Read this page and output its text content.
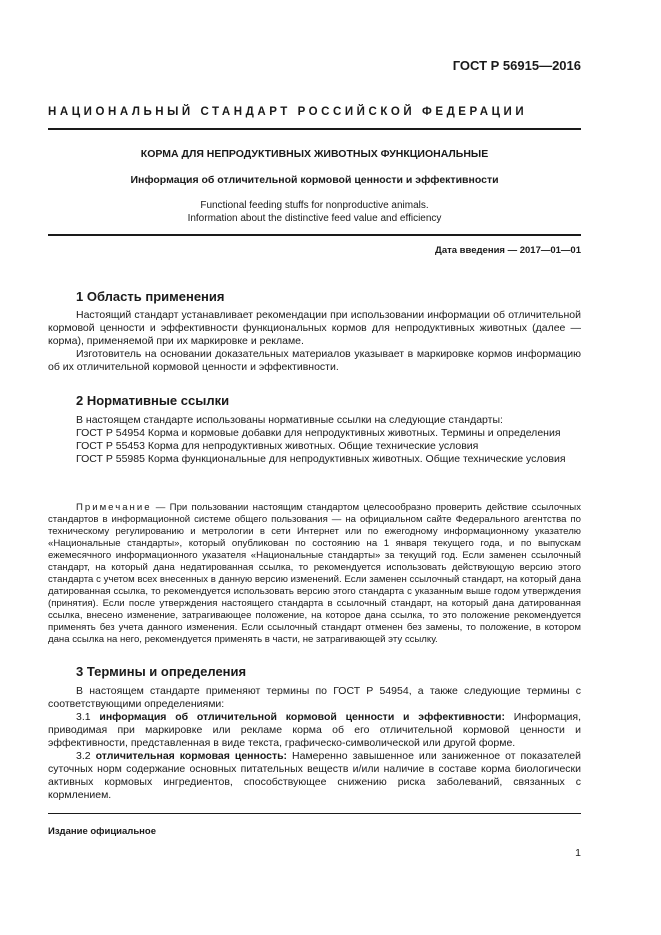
ГОСТ Р 56915—2016
НАЦИОНАЛЬНЫЙ СТАНДАРТ РОССИЙСКОЙ ФЕДЕРАЦИИ
КОРМА ДЛЯ НЕПРОДУКТИВНЫХ ЖИВОТНЫХ ФУНКЦИОНАЛЬНЫЕ
Информация об отличительной кормовой ценности и эффективности
Functional feeding stuffs for nonproductive animals.
Information about the distinctive feed value and efficiency
Дата введения — 2017—01—01
1 Область применения
Настоящий стандарт устанавливает рекомендации при использовании информации об отличительной кормовой ценности и эффективности функциональных кормов для непродуктивных животных (далее — корма), применяемой при их маркировке и рекламе.
Изготовитель на основании доказательных материалов указывает в маркировке кормов информацию об их отличительной кормовой ценности и эффективности.
2 Нормативные ссылки
В настоящем стандарте использованы нормативные ссылки на следующие стандарты:
ГОСТ Р 54954 Корма и кормовые добавки для непродуктивных животных. Термины и определения
ГОСТ Р 55453 Корма для непродуктивных животных. Общие технические условия
ГОСТ Р 55985 Корма функциональные для непродуктивных животных. Общие технические условия
Примечание — При пользовании настоящим стандартом целесообразно проверить действие ссылочных стандартов в информационной системе общего пользования — на официальном сайте Федерального агентства по техническому регулированию и метрологии в сети Интернет или по ежегодному информационному указателю «Национальные стандарты», который опубликован по состоянию на 1 января текущего года, и по выпускам ежемесячного информационного указателя «Национальные стандарты» за текущий год. Если заменен ссылочный стандарт, на который дана недатированная ссылка, то рекомендуется использовать действующую версию этого стандарта с учетом всех внесенных в данную версию изменений. Если заменен ссылочный стандарт, на который дана датированная ссылка, то рекомендуется использовать версию этого стандарта с указанным выше годом утверждения (принятия). Если после утверждения настоящего стандарта в ссылочный стандарт, на который дана датированная ссылка, внесено изменение, затрагивающее положение, на которое дана ссылка, то это положение рекомендуется применять без учета данного изменения. Если ссылочный стандарт отменен без замены, то положение, в котором дана ссылка на него, рекомендуется применять в части, не затрагивающей эту ссылку.
3 Термины и определения
В настоящем стандарте применяют термины по ГОСТ Р 54954, а также следующие термины с соответствующими определениями:
3.1 информация об отличительной кормовой ценности и эффективности: Информация, приводимая при маркировке или рекламе корма об его отличительной кормовой ценности и эффективности, представленная в виде текста, графическо-символической или другой форме.
3.2 отличительная кормовая ценность: Намеренно завышенное или заниженное от показателей суточных норм содержание основных питательных веществ и/или наличие в составе корма биологически активных кормовых ингредиентов, способствующее снижению риска заболеваний, связанных с кормлением.
Издание официальное
1
